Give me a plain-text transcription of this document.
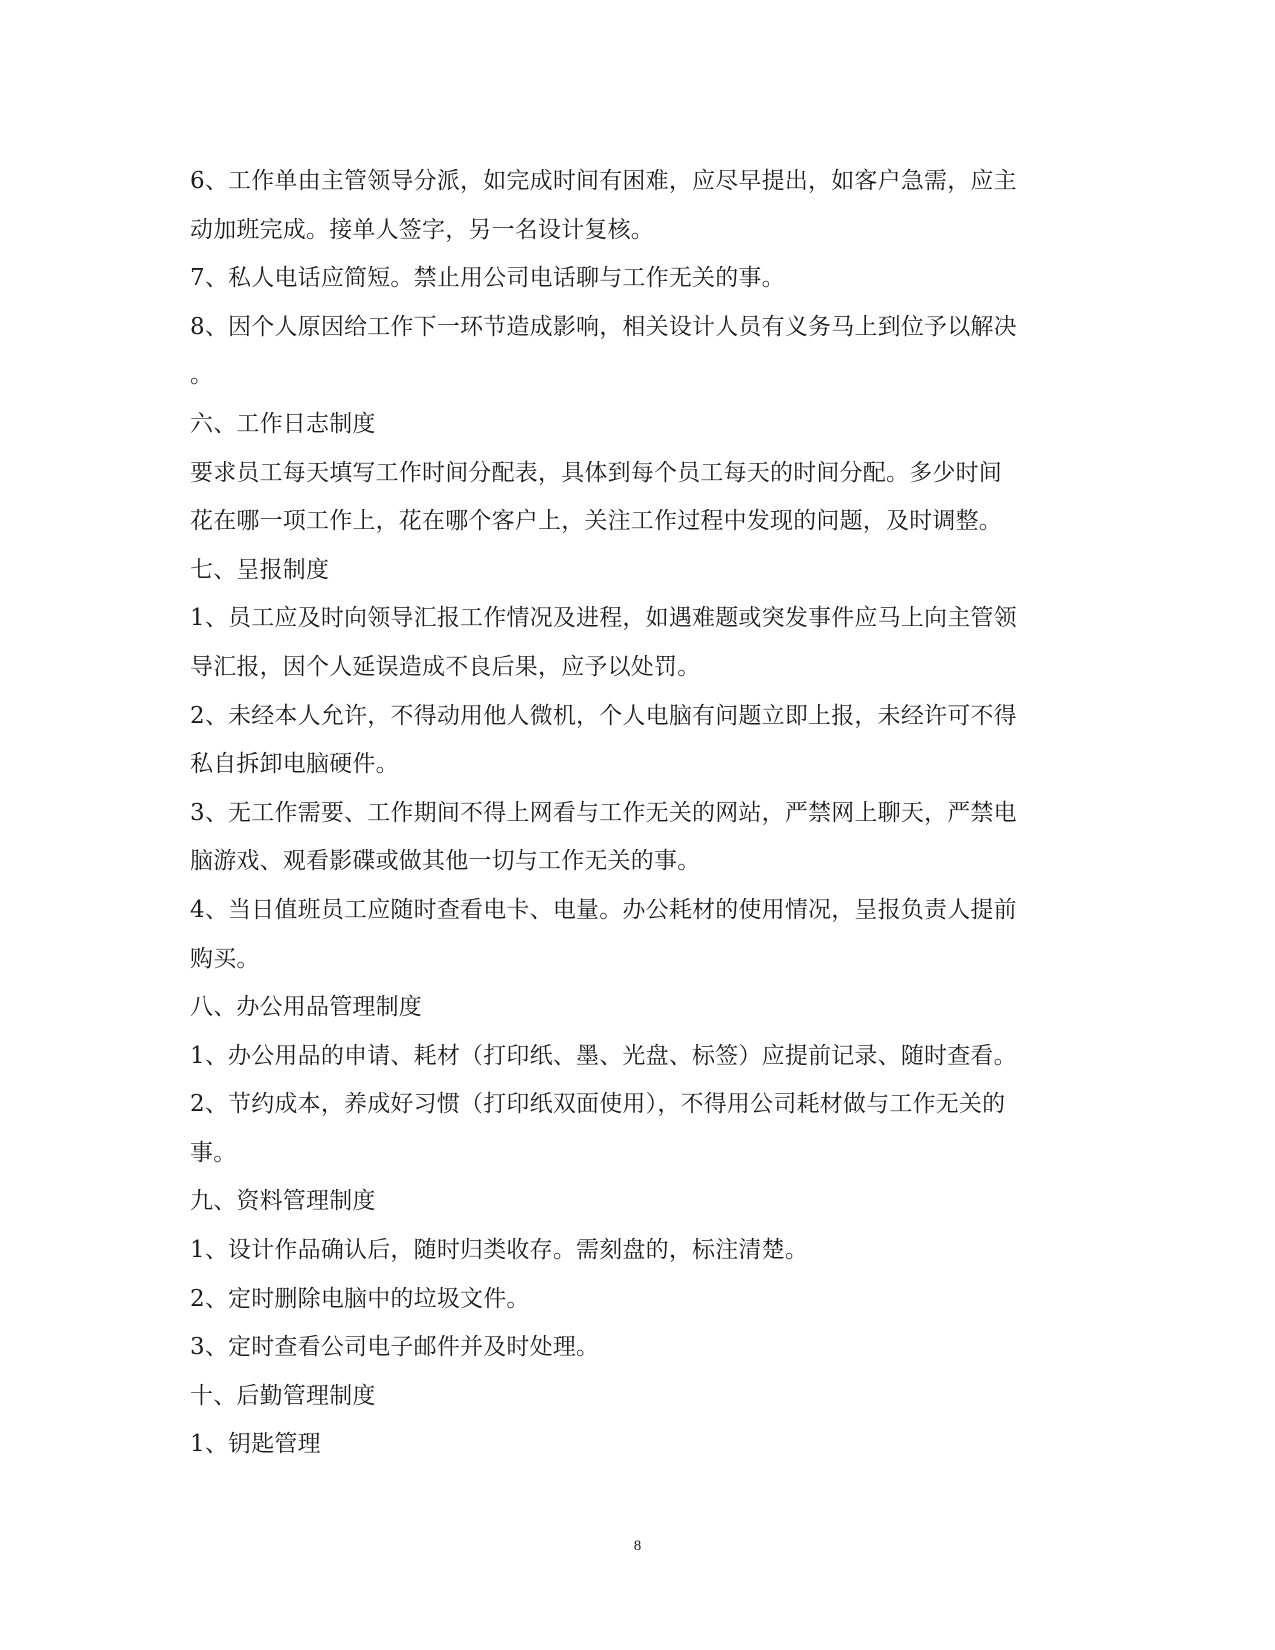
6、工作单由主管领导分派，如完成时间有困难，应尽早提出，如客户急需，应主
动加班完成。接单人签字，另一名设计复核。
7、私人电话应简短。禁止用公司电话聊与工作无关的事。
8、因个人原因给工作下一环节造成影响，相关设计人员有义务马上到位予以解决
。
六、工作日志制度
要求员工每天填写工作时间分配表，具体到每个员工每天的时间分配。多少时间
花在哪一项工作上，花在哪个客户上，关注工作过程中发现的问题，及时调整。
七、呈报制度
1、员工应及时向领导汇报工作情况及进程，如遇难题或突发事件应马上向主管领
导汇报，因个人延误造成不良后果，应予以处罚。
2、未经本人允许，不得动用他人微机，个人电脑有问题立即上报，未经许可不得
私自拆卸电脑硬件。
3、无工作需要、工作期间不得上网看与工作无关的网站，严禁网上聊天，严禁电
脑游戏、观看影碟或做其他一切与工作无关的事。
4、当日值班员工应随时查看电卡、电量。办公耗材的使用情况，呈报负责人提前
购买。
八、办公用品管理制度
1、办公用品的申请、耗材（打印纸、墨、光盘、标签）应提前记录、随时查看。
2、节约成本，养成好习惯（打印纸双面使用），不得用公司耗材做与工作无关的
事。
九、资料管理制度
1、设计作品确认后，随时归类收存。需刻盘的，标注清楚。
2、定时删除电脑中的垃圾文件。
3、定时查看公司电子邮件并及时处理。
十、后勤管理制度
1、钥匙管理
8
